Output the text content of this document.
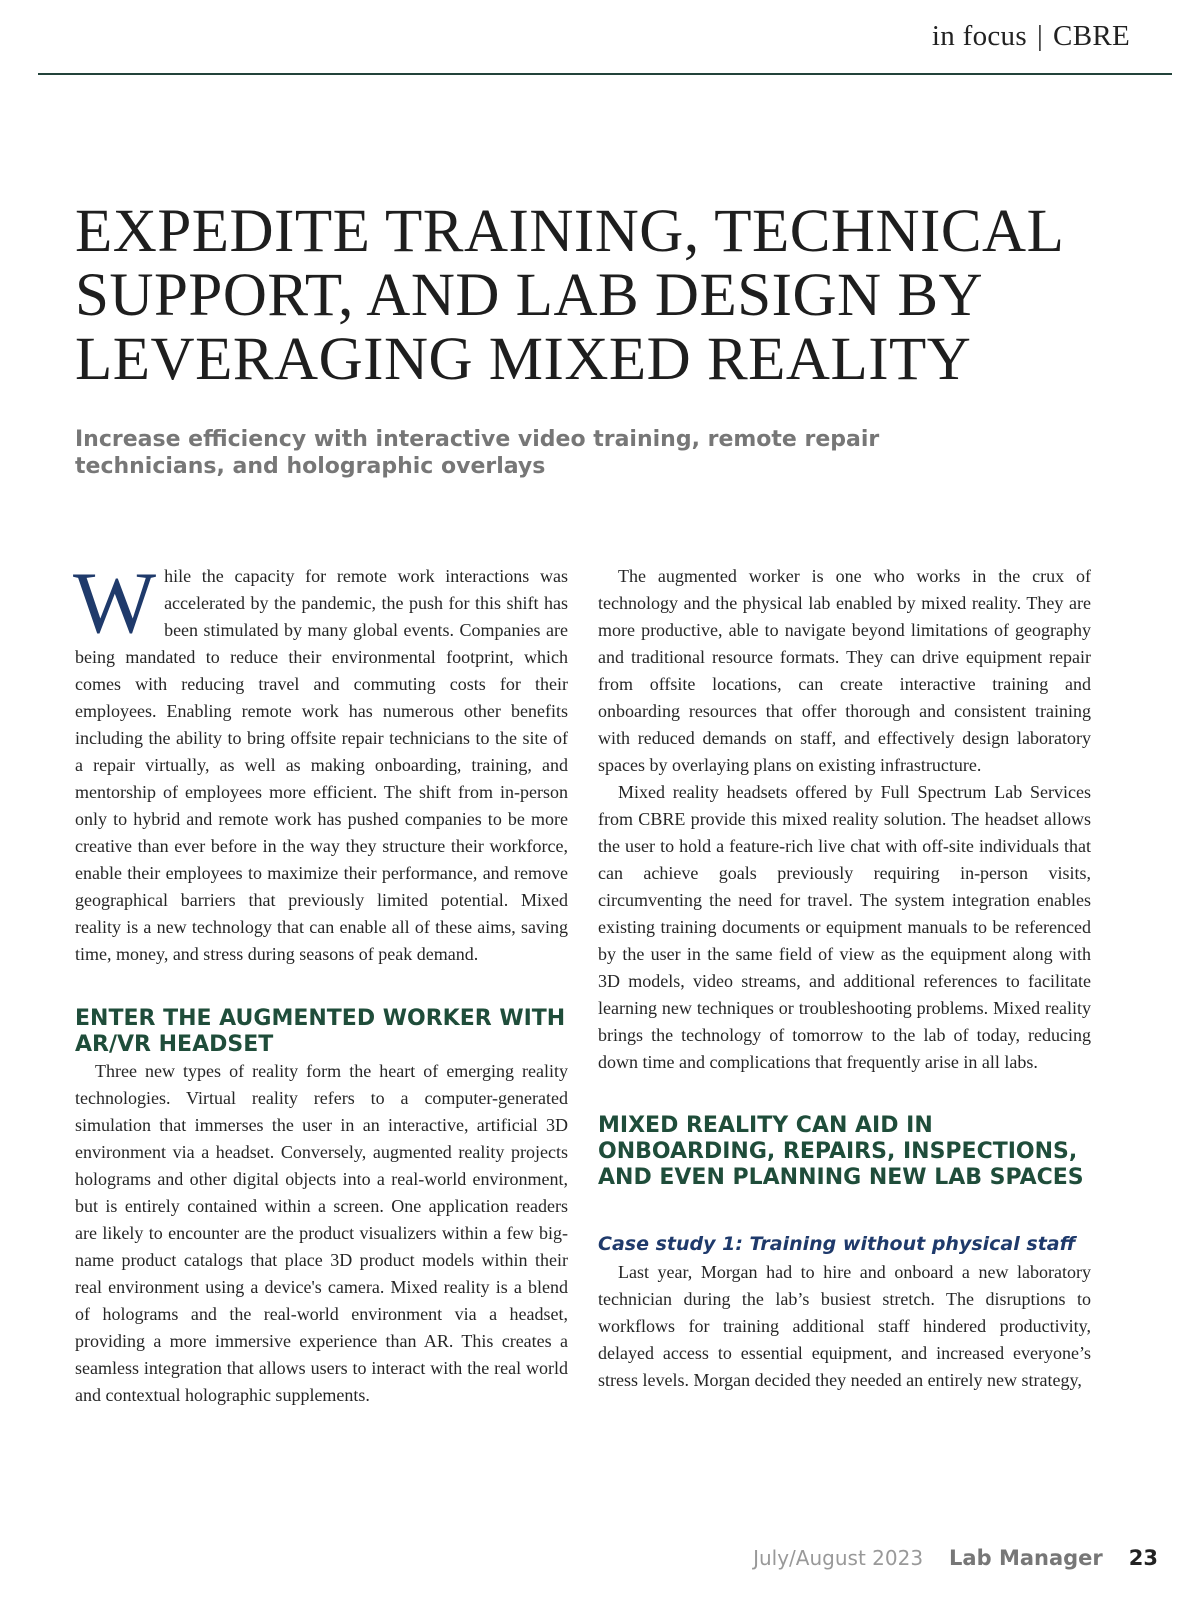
in focus | CBRE
EXPEDITE TRAINING, TECHNICAL SUPPORT, AND LAB DESIGN BY LEVERAGING MIXED REALITY
Increase efficiency with interactive video training, remote repair technicians, and holographic overlays

While the capacity for remote work interactions was accelerated by the pandemic, the push for this shift has been stimulated by many global events. Companies are being mandated to reduce their environmental footprint, which comes with reducing travel and commuting costs for their employees. Enabling remote work has numerous other benefits including the ability to bring offsite repair technicians to the site of a repair virtually, as well as making onboarding, training, and mentorship of employees more efficient. The shift from in-person only to hybrid and remote work has pushed companies to be more creative than ever before in the way they structure their workforce, enable their employees to maximize their performance, and remove geographical barriers that previously limited potential. Mixed reality is a new technology that can enable all of these aims, saving time, money, and stress during seasons of peak demand.

ENTER THE AUGMENTED WORKER WITH AR/VR HEADSET

Three new types of reality form the heart of emerging reality technologies. Virtual reality refers to a computer-generated simulation that immerses the user in an interactive, artificial 3D environment via a headset. Conversely, augmented reality projects holograms and other digital objects into a real-world environment, but is entirely contained within a screen. One application readers are likely to encounter are the product visualizers within a few big-name product catalogs that place 3D product models within their real environment using a device's camera. Mixed reality is a blend of holograms and the real-world environment via a headset, providing a more immersive experience than AR. This creates a seamless integration that allows users to interact with the real world and contextual holographic supplements.

The augmented worker is one who works in the crux of technology and the physical lab enabled by mixed reality. They are more productive, able to navigate beyond limitations of geography and traditional resource formats. They can drive equipment repair from offsite locations, can create interactive training and onboarding resources that offer thorough and consistent training with reduced demands on staff, and effectively design laboratory spaces by overlaying plans on existing infrastructure.

Mixed reality headsets offered by Full Spectrum Lab Services from CBRE provide this mixed reality solution. The headset allows the user to hold a feature-rich live chat with off-site individuals that can achieve goals previously requiring in-person visits, circumventing the need for travel. The system integration enables existing training documents or equipment manuals to be referenced by the user in the same field of view as the equipment along with 3D models, video streams, and additional references to facilitate learning new techniques or troubleshooting problems. Mixed reality brings the technology of tomorrow to the lab of today, reducing down time and complications that frequently arise in all labs.

MIXED REALITY CAN AID IN ONBOARDING, REPAIRS, INSPECTIONS, AND EVEN PLANNING NEW LAB SPACES
Case study 1: Training without physical staff

Last year, Morgan had to hire and onboard a new laboratory technician during the lab’s busiest stretch. The disruptions to workflows for training additional staff hindered productivity, delayed access to essential equipment, and increased everyone’s stress levels. Morgan decided they needed an entirely new strategy,

July/August 2023 Lab Manager 23
